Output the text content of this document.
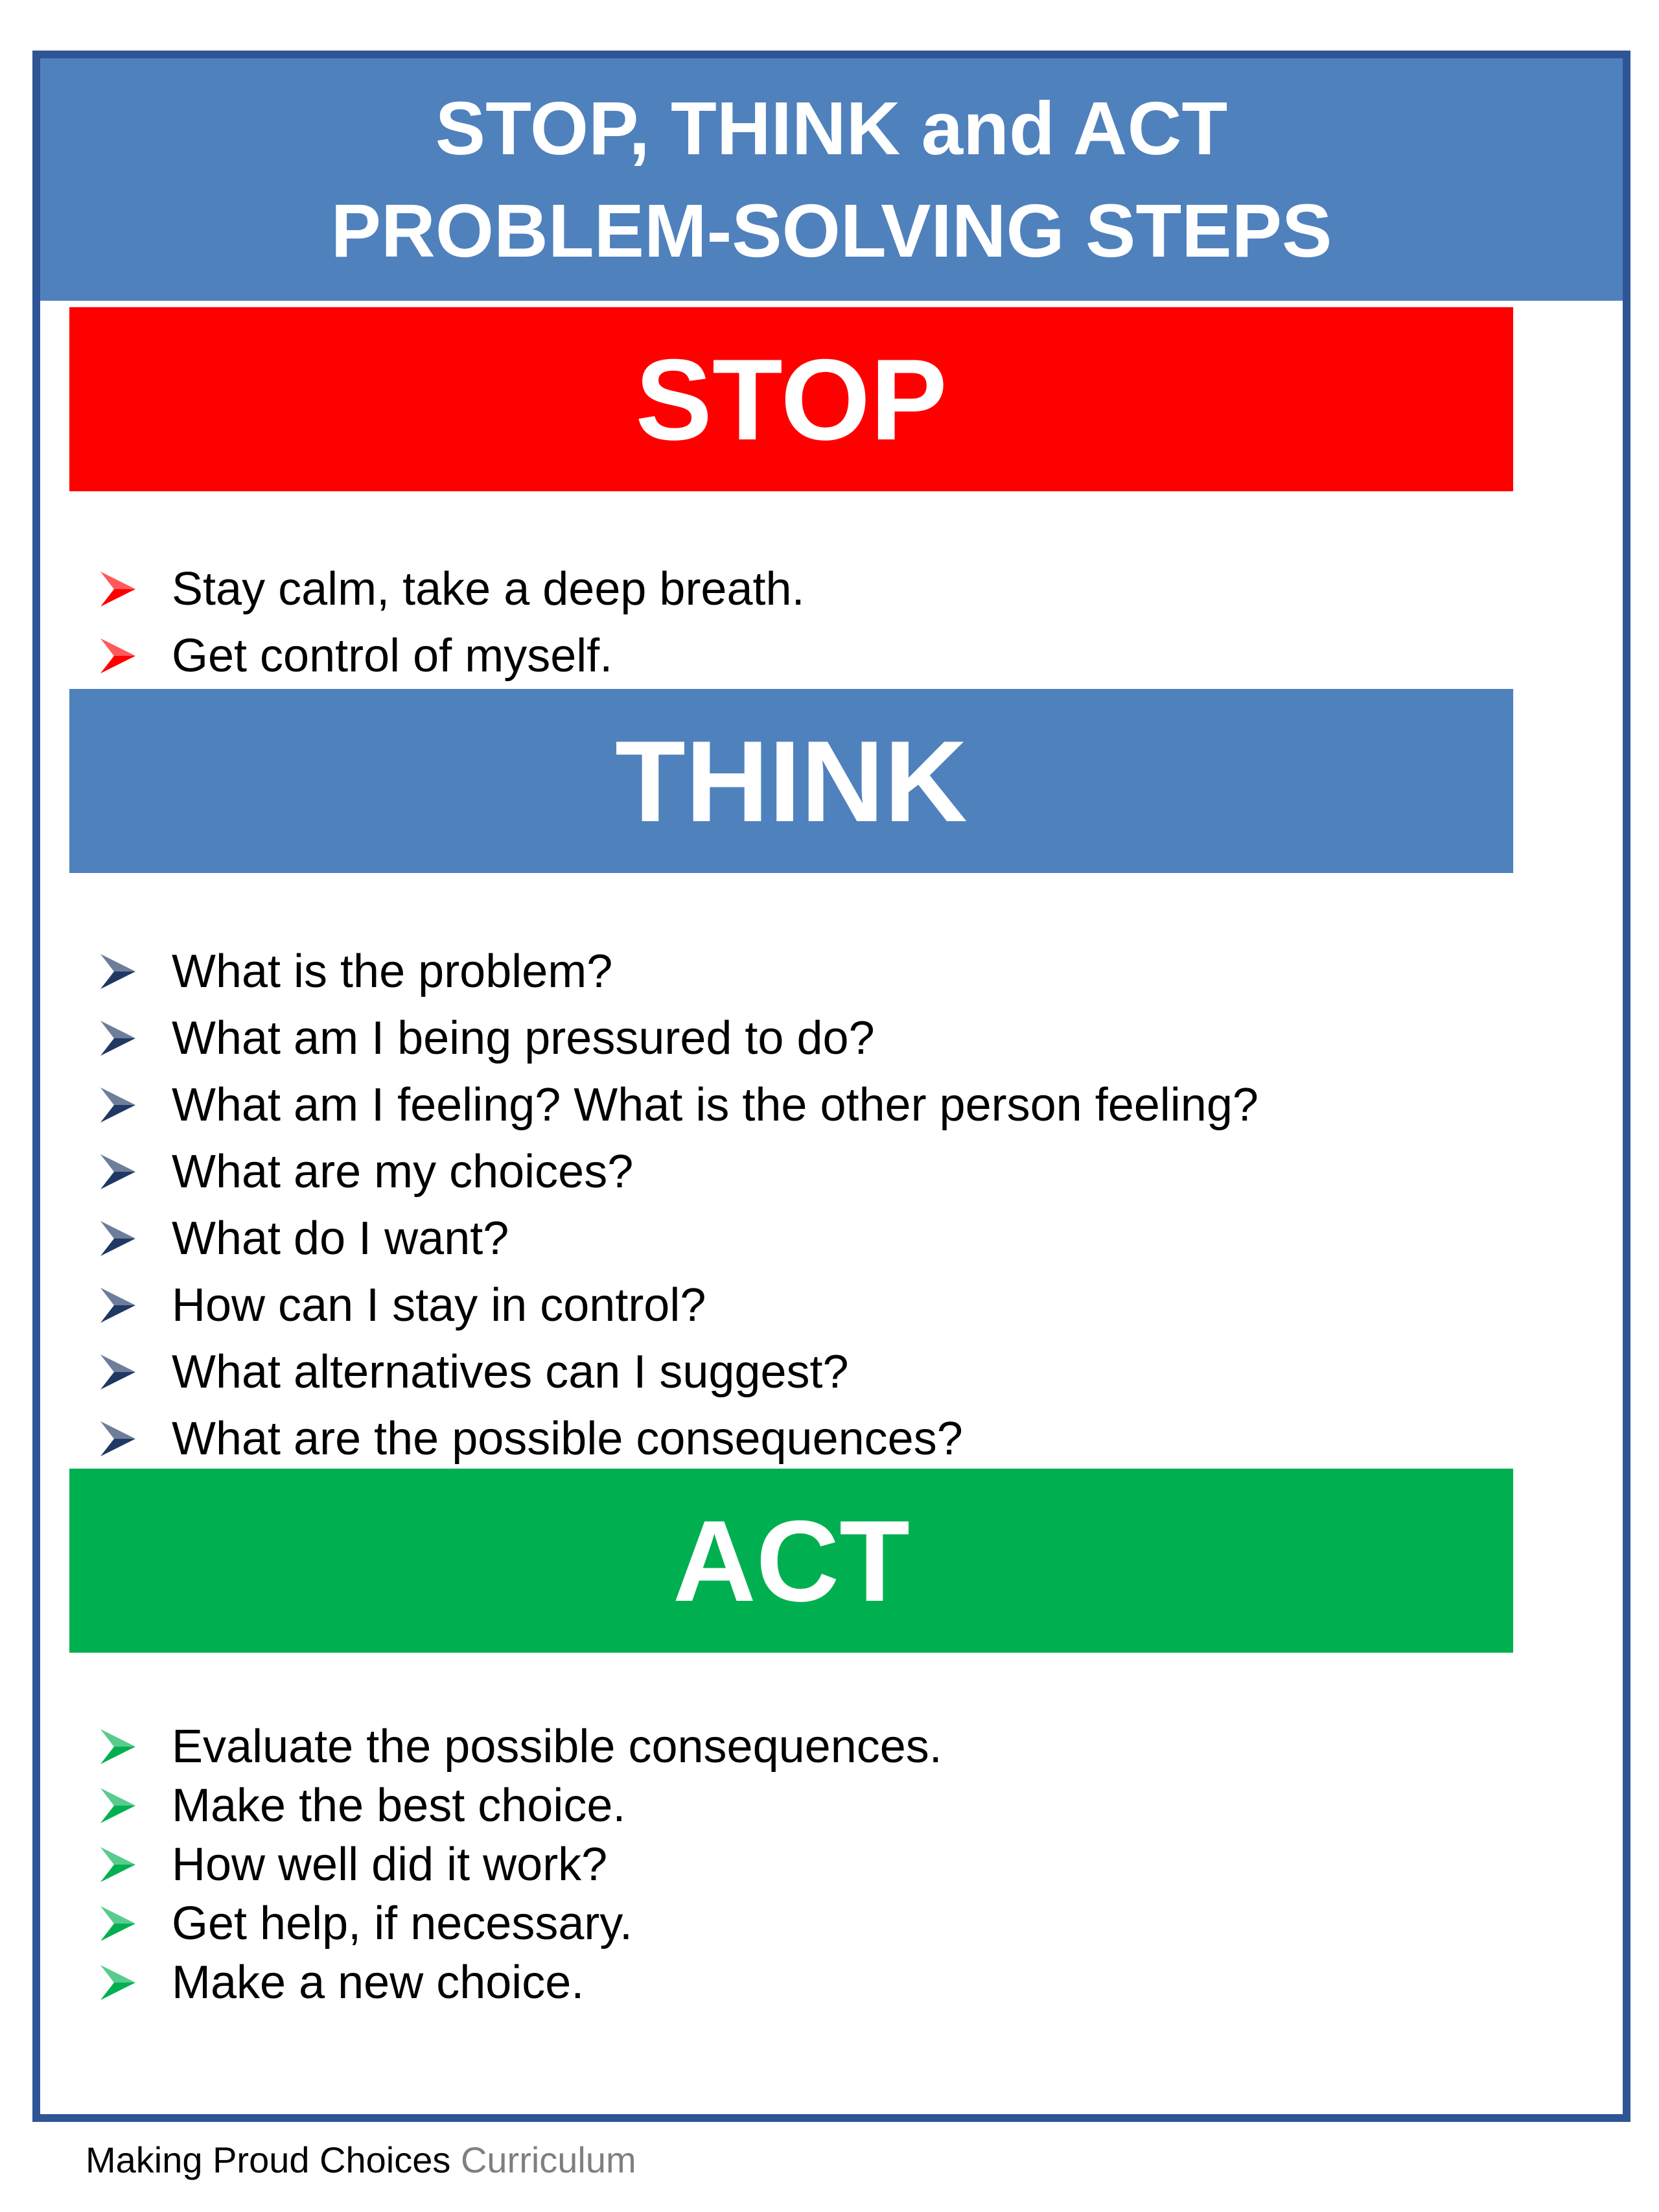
STOP, THINK and ACT
PROBLEM-SOLVING STEPS
STOP
Stay calm, take a deep breath.
Get control of myself.
THINK
What is the problem?
What am I being pressured to do?
What am I feeling? What is the other person feeling?
What are my choices?
What do I want?
How can I stay in control?
What alternatives can I suggest?
What are the possible consequences?
ACT
Evaluate the possible consequences.
Make the best choice.
How well did it work?
Get help, if necessary.
Make a new choice.
Making Proud Choices Curriculum
